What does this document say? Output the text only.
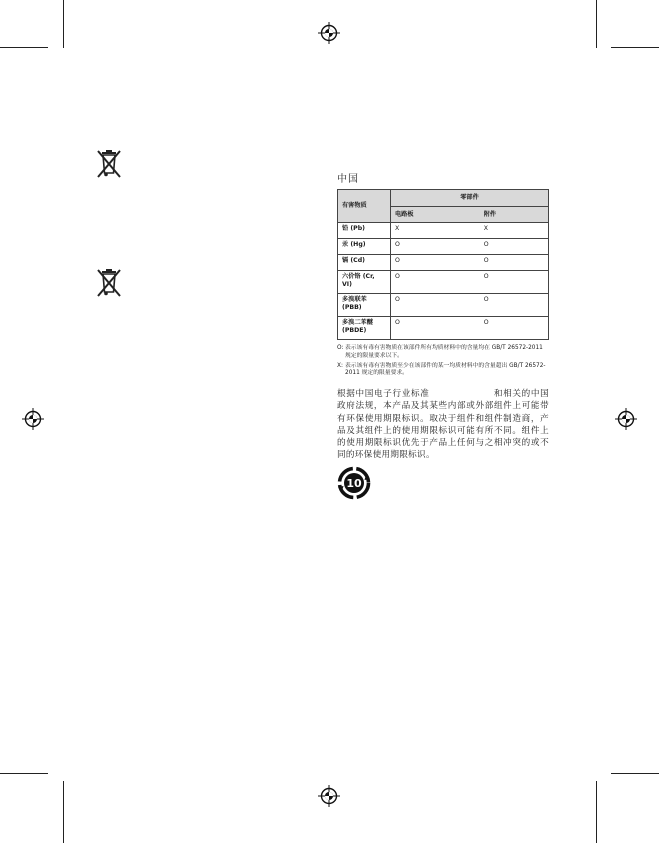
中国
有害物质	零部件	
	电路板	附件
铅 (Pb)	X	X
汞 (Hg)	O	O
镉 (Cd)	O	O
六价铬 (Cr, VI)	O	O
多溴联苯 (PBB)	O	O
多溴二苯醚 (PBDE)	O	O
O: 表示该有毒有害物质在该部件所有均质材料中的含量均在 GB/T 26572-2011 规定的限量要求以下。
X: 表示该有毒有害物质至少在该部件的某一均质材料中的含量超出 GB/T 26572-2011 规定的限量要求。
根据中国电子行业标准	和相关的中国政府法规，本产品及其某些内部或外部组件上可能带有环保使用期限标识。取决于组件和组件制造商，产品及其组件上的使用期限标识可能有所不同。组件上的使用期限标识优先于产品上任何与之相冲突的或不同的环保使用期限标识。
10
